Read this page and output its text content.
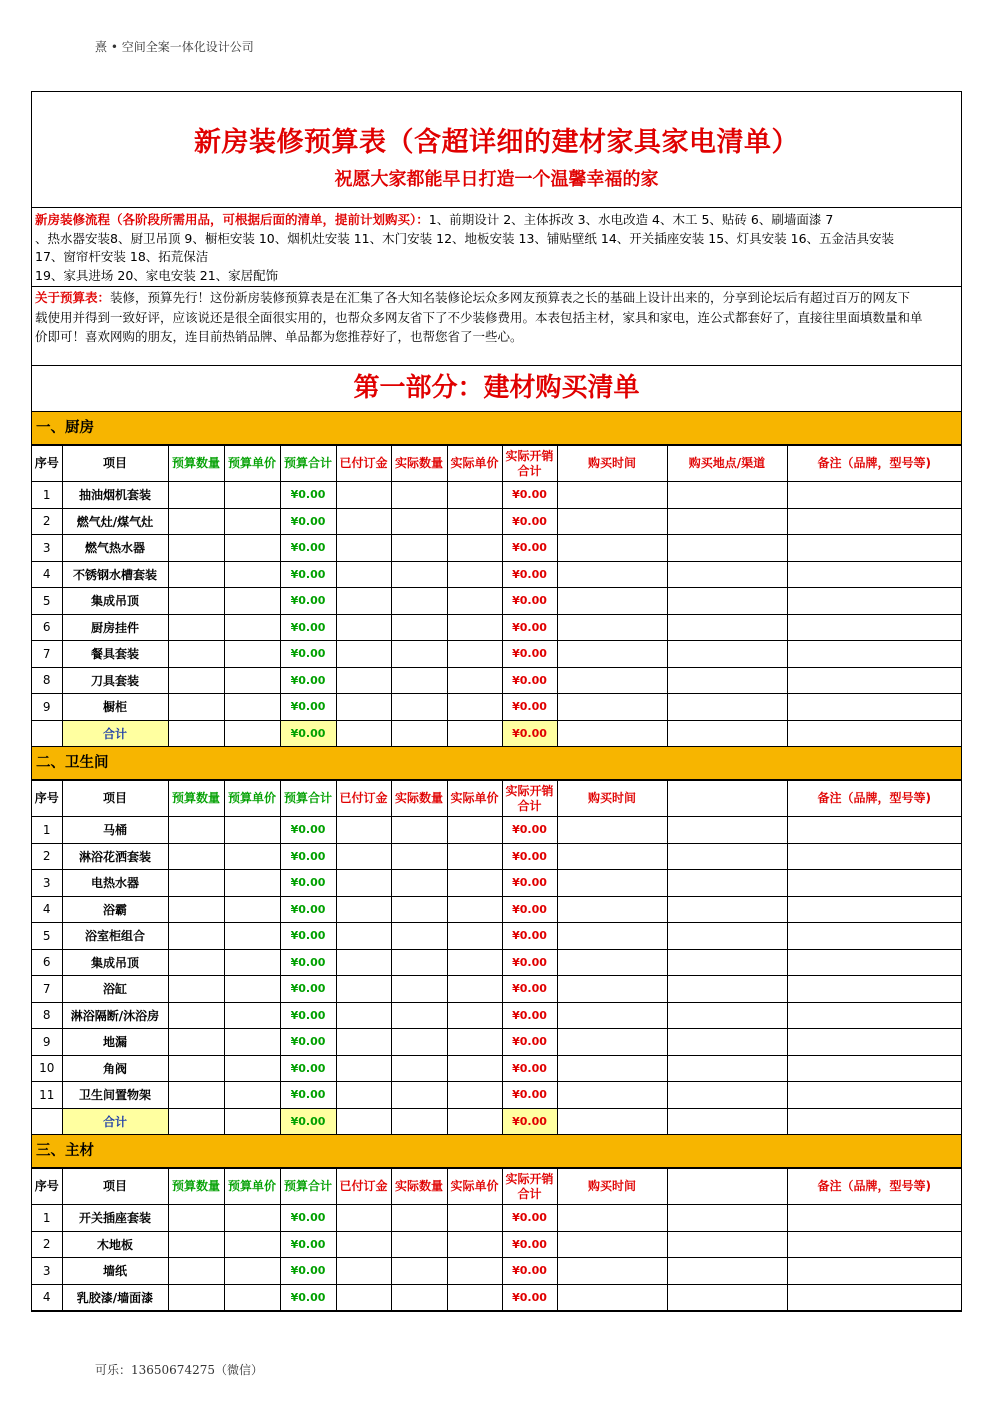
熹 • 空间全案一体化设计公司
新房装修预算表（含超详细的建材家具家电清单）
祝愿大家都能早日打造一个温馨幸福的家
新房装修流程（各阶段所需用品，可根据后面的清单，提前计划购买）：1、前期设计 2、主体拆改 3、水电改造 4、木工 5、贴砖 6、刷墙面漆 7
、热水器安装8、厨卫吊顶 9、橱柜安装 10、烟机灶安装 11、木门安装 12、地板安装 13、铺贴壁纸 14、开关插座安装 15、灯具安装 16、五金洁具安装
17、窗帘杆安装 18、拓荒保洁
19、家具进场 20、家电安装 21、家居配饰
关于预算表：装修，预算先行！这份新房装修预算表是在汇集了各大知名装修论坛众多网友预算表之长的基础上设计出来的，分享到论坛后有超过百万的网友下
载使用并得到一致好评，应该说还是很全面很实用的，也帮众多网友省下了不少装修费用。本表包括主材，家具和家电，连公式都套好了，直接往里面填数量和单
价即可！喜欢网购的朋友，连目前热销品牌、单品都为您推荐好了，也帮您省了一些心。
第一部分：建材购买清单
一、厨房
序号	项目	预算数量	预算单价	预算合计	已付订金	实际数量	实际单价	实际开销合计	购买时间	购买地点/渠道	备注（品牌，型号等)
1	抽油烟机套装			¥0.00				¥0.00			
2	燃气灶/煤气灶			¥0.00				¥0.00			
3	燃气热水器			¥0.00				¥0.00			
4	不锈钢水槽套装			¥0.00				¥0.00			
5	集成吊顶			¥0.00				¥0.00			
6	厨房挂件			¥0.00				¥0.00			
7	餐具套装			¥0.00				¥0.00			
8	刀具套装			¥0.00				¥0.00			
9	橱柜			¥0.00				¥0.00			
	合计			¥0.00				¥0.00			
二、卫生间
序号	项目	预算数量	预算单价	预算合计	已付订金	实际数量	实际单价	实际开销合计	购买时间		备注（品牌，型号等)
1	马桶			¥0.00				¥0.00			
2	淋浴花洒套装			¥0.00				¥0.00			
3	电热水器			¥0.00				¥0.00			
4	浴霸			¥0.00				¥0.00			
5	浴室柜组合			¥0.00				¥0.00			
6	集成吊顶			¥0.00				¥0.00			
7	浴缸			¥0.00				¥0.00			
8	淋浴隔断/沐浴房			¥0.00				¥0.00			
9	地漏			¥0.00				¥0.00			
10	角阀			¥0.00				¥0.00			
11	卫生间置物架			¥0.00				¥0.00			
	合计			¥0.00				¥0.00			
三、主材
序号	项目	预算数量	预算单价	预算合计	已付订金	实际数量	实际单价	实际开销合计	购买时间		备注（品牌，型号等)
1	开关插座套装			¥0.00				¥0.00			
2	木地板			¥0.00				¥0.00			
3	墙纸			¥0.00				¥0.00			
4	乳胶漆/墙面漆			¥0.00				¥0.00			
可乐：13650674275（微信）
